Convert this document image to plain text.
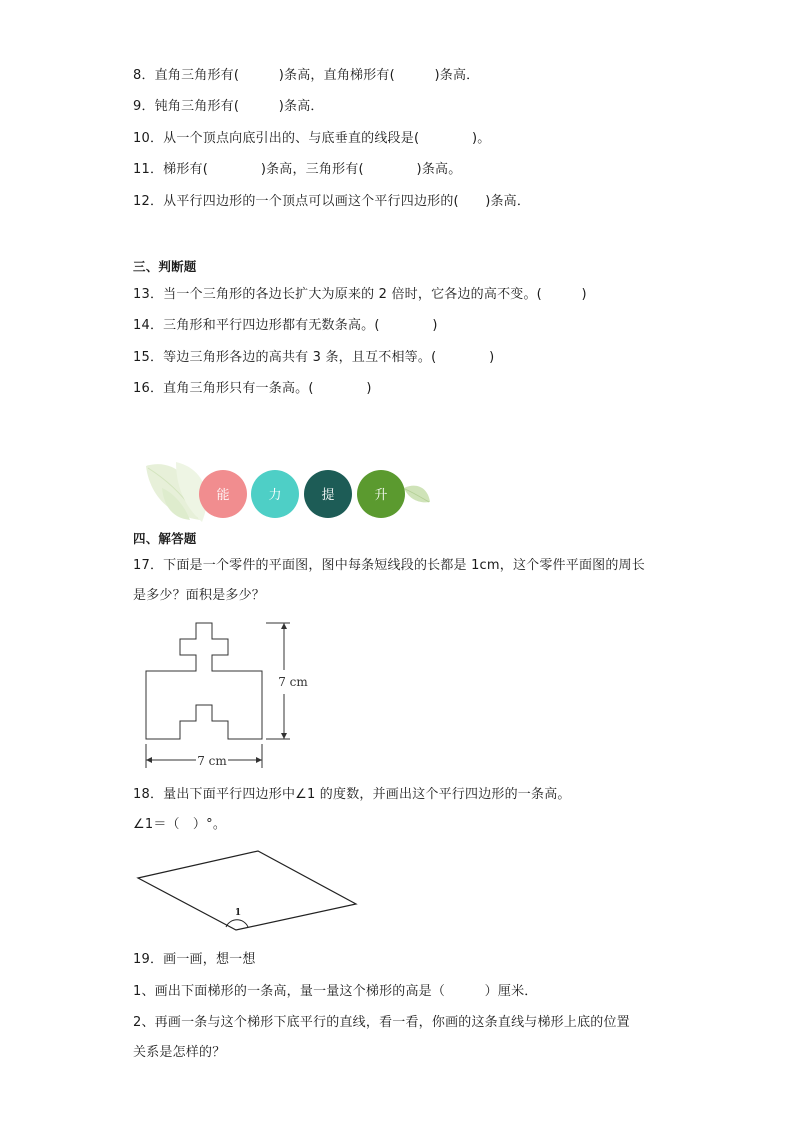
8．直角三角形有(　　　)条高，直角梯形有(　　　)条高．
9．钝角三角形有(　　　)条高．
10．从一个顶点向底引出的、与底垂直的线段是(　　　　)。
11．梯形有(　　　　)条高，三角形有(　　　　)条高。
12．从平行四边形的一个顶点可以画这个平行四边形的(　　)条高．
三、判断题
13．当一个三角形的各边长扩大为原来的 2 倍时，它各边的高不变。(　　　)
14．三角形和平行四边形都有无数条高。(　　　　)
15．等边三角形各边的高共有 3 条，且互不相等。(　　　　)
16．直角三角形只有一条高。(　　　　)
能	力	提	升
四、解答题
17．下面是一个零件的平面图，图中每条短线段的长都是 1cm，这个零件平面图的周长
是多少？面积是多少？
7 cm
7 cm
18．量出下面平行四边形中∠1 的度数，并画出这个平行四边形的一条高。
∠1＝（　）°。
1
19．画一画，想一想
1、画出下面梯形的一条高，量一量这个梯形的高是（　　　）厘米．
2、再画一条与这个梯形下底平行的直线，看一看，你画的这条直线与梯形上底的位置
关系是怎样的？
